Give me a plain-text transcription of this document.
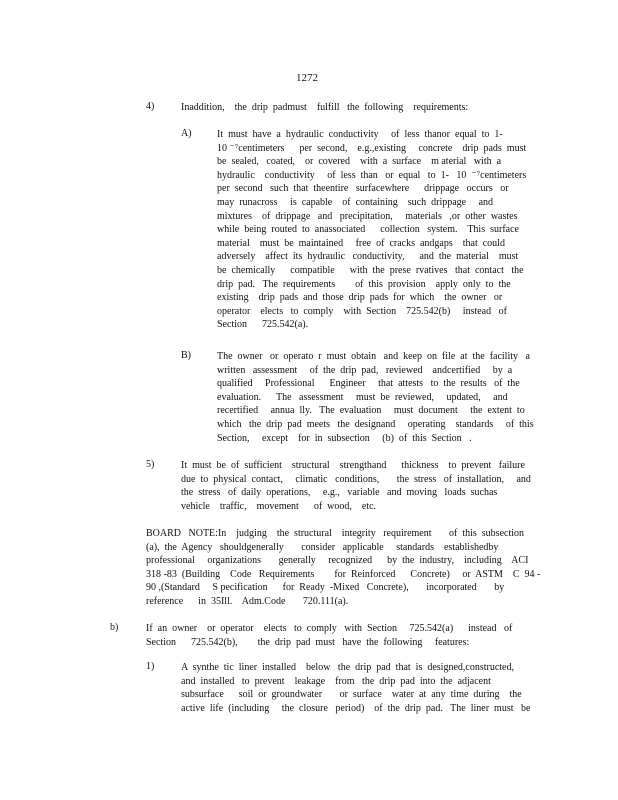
1272
4)	Inaddition,    the  drip  padmust    fulfill   the  following    requirements:
A)	It  must  have  a  hydraulic  conductivity     of  less  thanor  equal  to  1-
10 ⁻⁷centimeters      per  second,    e.g.,existing     concrete    drip  pads  must
be  sealed,   coated,    or  covered    with  a  surface    m aterial   with  a
hydraulic    conductivity     of  less  than   or  equal   to  1-   10  ⁻⁷centimeters
per  second   such  that  theentire   surfacewhere      drippage   occurs   or
may  runacross     is  capable    of  containing    such  drippage     and
mixtures    of  drippage   and   precipitation,     materials   ,or  other  wastes
while  being  routed  to  anassociated      collection   system.    This  surface
material    must  be  maintained     free  of  cracks  andgaps    that  could
adversely    affect  its  hydraulic   conductivity,      and  the  material    must
be  chemically      compatible      with  the  prese  rvatives   that  contact   the
drip  pad.   The  requirements        of  this  provision    apply  only  to  the
existing    drip  pads  and  those  drip  pads  for  which    the  owner   or
operator    elects   to  comply    with  Section    725.542(b)     instead   of
Section      725.542(a).
B)	The  owner   or  operato  r  must  obtain   and  keep  on  file  at  the  facility   a
written   assessment     of  the  drip  pad,   reviewed    andcertified     by  a
qualified     Professional      Engineer     that  attests   to  the  results   of  the
evaluation.      The   assessment     must  be  reviewed,     updated,     and
recertified     annua  lly.   The  evaluation     must  document     the  extent  to
which   the  drip  pad  meets   the  designand     operating    standards     of  this
Section,     except    for  in  subsection     (b)  of  this  Section   .
5)	It  must  be  of  sufficient    structural    strengthand      thickness    to  prevent   failure
due  to  physical  contact,     climatic   conditions,       the  stress   of  installation,     and
the  stress   of  daily  operations,     e.g.,   variable   and  moving   loads  suchas
vehicle    traffic,    movement      of  wood,    etc.
BOARD   NOTE:In    judging    the  structural    integrity   requirement       of  this  subsection
(a),  the  Agency   shouldgenerally       consider   applicable     standards    establishedby
professional     organizations       generally     recognized      by  the  industry,    including    ACI
318 -83  (Building    Code   Requirements        for  Reinforced      Concrete)     or  ASTM    C  94 -
90 ,(Standard     S pecification      for  Ready  -Mixed   Concrete),       incorporated       by
reference      in  35Ill.    Adm.Code       720.111(a).
b)	If  an  owner    or  operator    elects   to  comply   with  Section     725.542(a)      instead   of
Section      725.542(b),        the  drip  pad  must   have  the  following     features:
1)	A  synthe  tic  liner  installed    below   the  drip  pad  that  is  designed,constructed,
and  installed   to  prevent    leakage    from   the  drip  pad  into  the  adjacent
subsurface      soil  or  groundwater       or  surface    water  at  any  time  during    the
active  life  (including     the  closure   period)    of  the  drip  pad.   The  liner  must   be
